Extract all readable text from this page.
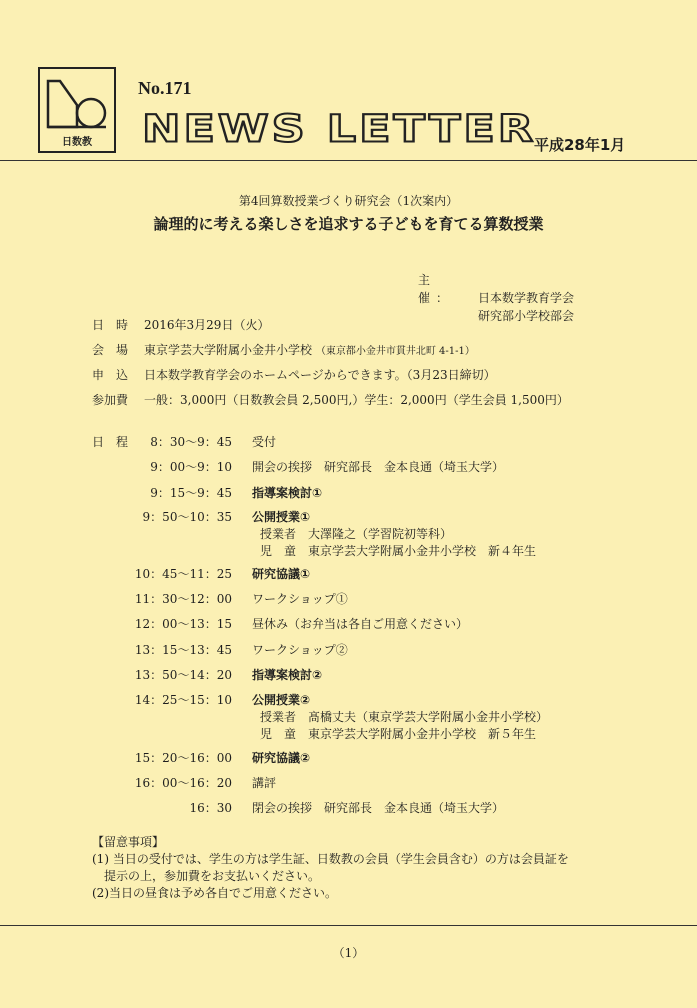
日数教
No.171
NEWS LETTER
平成28年1月
第4回算数授業づくり研究会（1次案内）
論理的に考える楽しさを追求する子どもを育てる算数授業
主　催： 日本数学教育学会
研究部小学校部会
日　時 2016年3月29日（火）
会　場 東京学芸大学附属小金井小学校 （東京都小金井市貫井北町 4-1-1）
申　込 日本数学教育学会のホームページからできます。（3月23日締切）
参加費 一般：3,000円（日数教会員 2,500円,）学生：2,000円（学生会員 1,500円）
日　程	8：30〜9：45 受付
9：00〜9：10 開会の挨拶　研究部長　金本良通（埼玉大学）
9：15〜9：45 指導案検討①
9：50〜10：35 公開授業①
授業者　大澤隆之（学習院初等科）
児　童　東京学芸大学附属小金井小学校　新４年生
10：45〜11：25 研究協議①
11：30〜12：00 ワークショップ①
12：00〜13：15 昼休み（お弁当は各自ご用意ください）
13：15〜13：45 ワークショップ②
13：50〜14：20 指導案検討②
14：25〜15：10 公開授業②
授業者　髙橋丈夫（東京学芸大学附属小金井小学校）
児　童　東京学芸大学附属小金井小学校　新５年生
15：20〜16：00 研究協議②
16：00〜16：20 講評
16：30 閉会の挨拶　研究部長　金本良通（埼玉大学）
【留意事項】
(1) 当日の受付では、学生の方は学生証、日数教の会員（学生会員含む）の方は会員証を
　提示の上，参加費をお支払いください。
(2)当日の昼食は予め各自でご用意ください。
（1）
